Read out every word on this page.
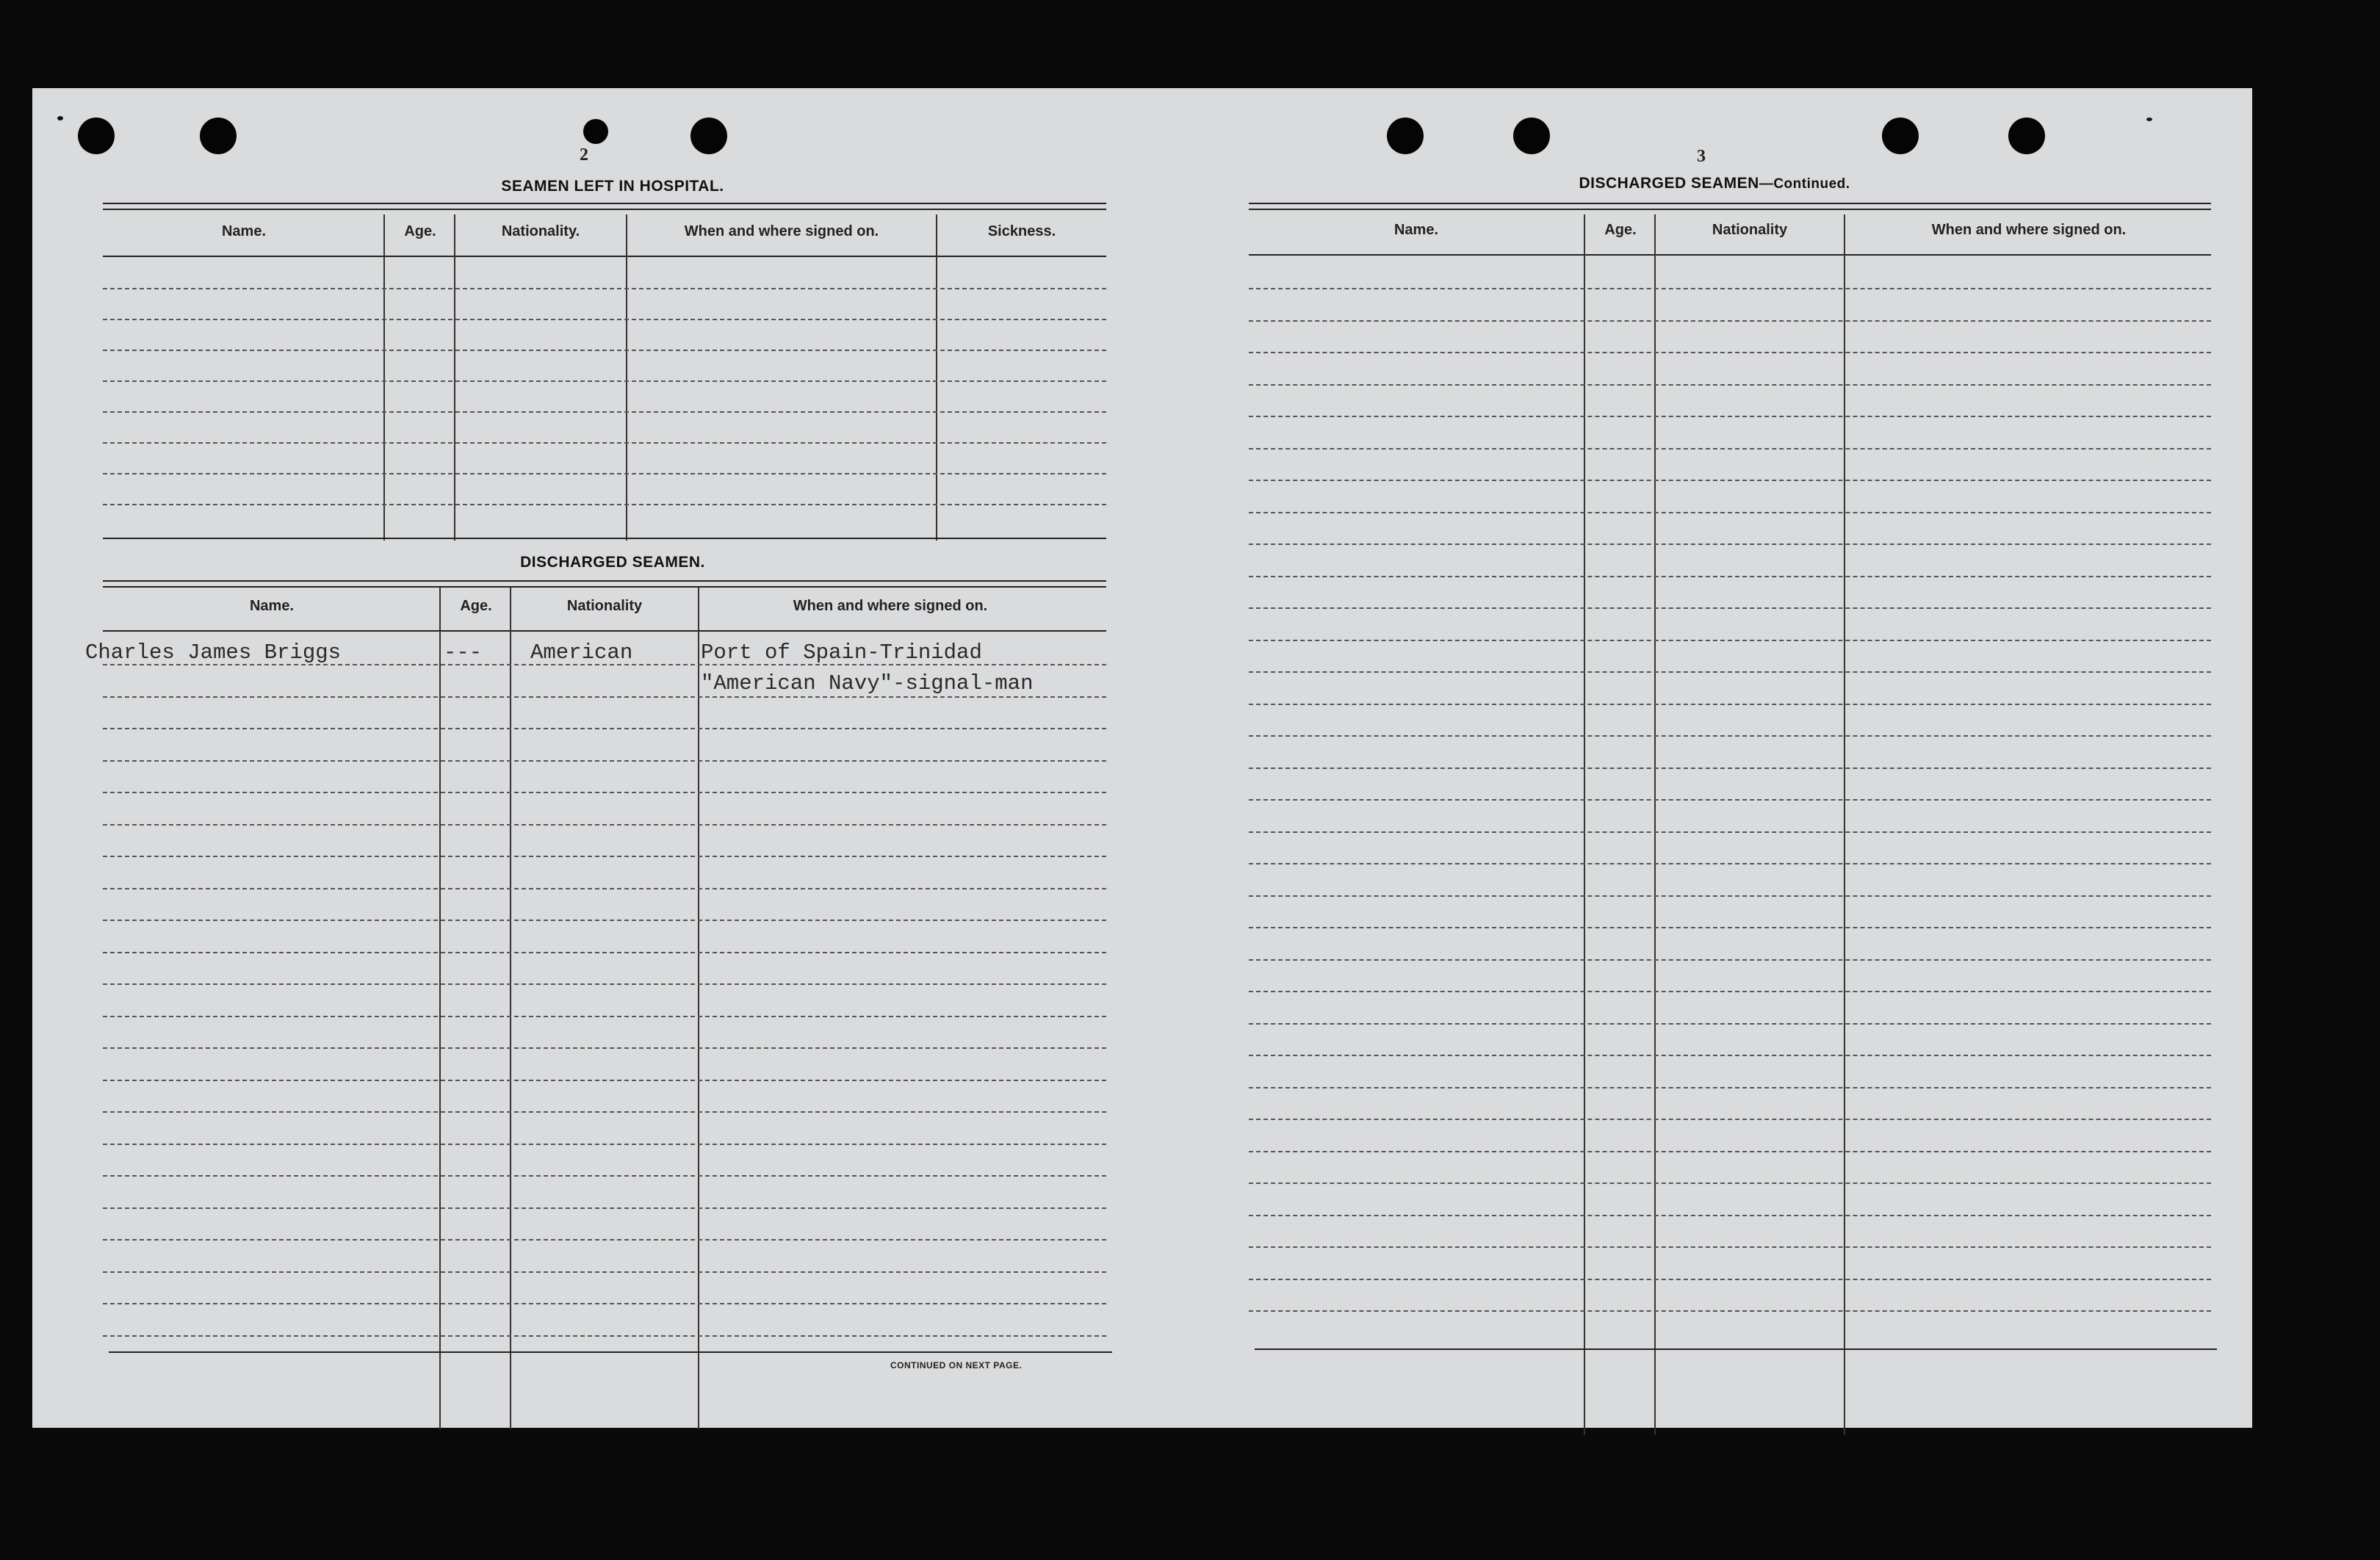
2
SEAMEN LEFT IN HOSPITAL.
Name.	Age.	Nationality.	When and where signed on.	Sickness.
DISCHARGED SEAMEN.
Name.	Age.	Nationality	When and where signed on.
Charles James Briggs	--- American	Port of Spain-Trinidad
"American Navy"-signal-man
CONTINUED ON NEXT PAGE.
3
DISCHARGED SEAMEN—Continued.
Name.	Age.	Nationality	When and where signed on.
